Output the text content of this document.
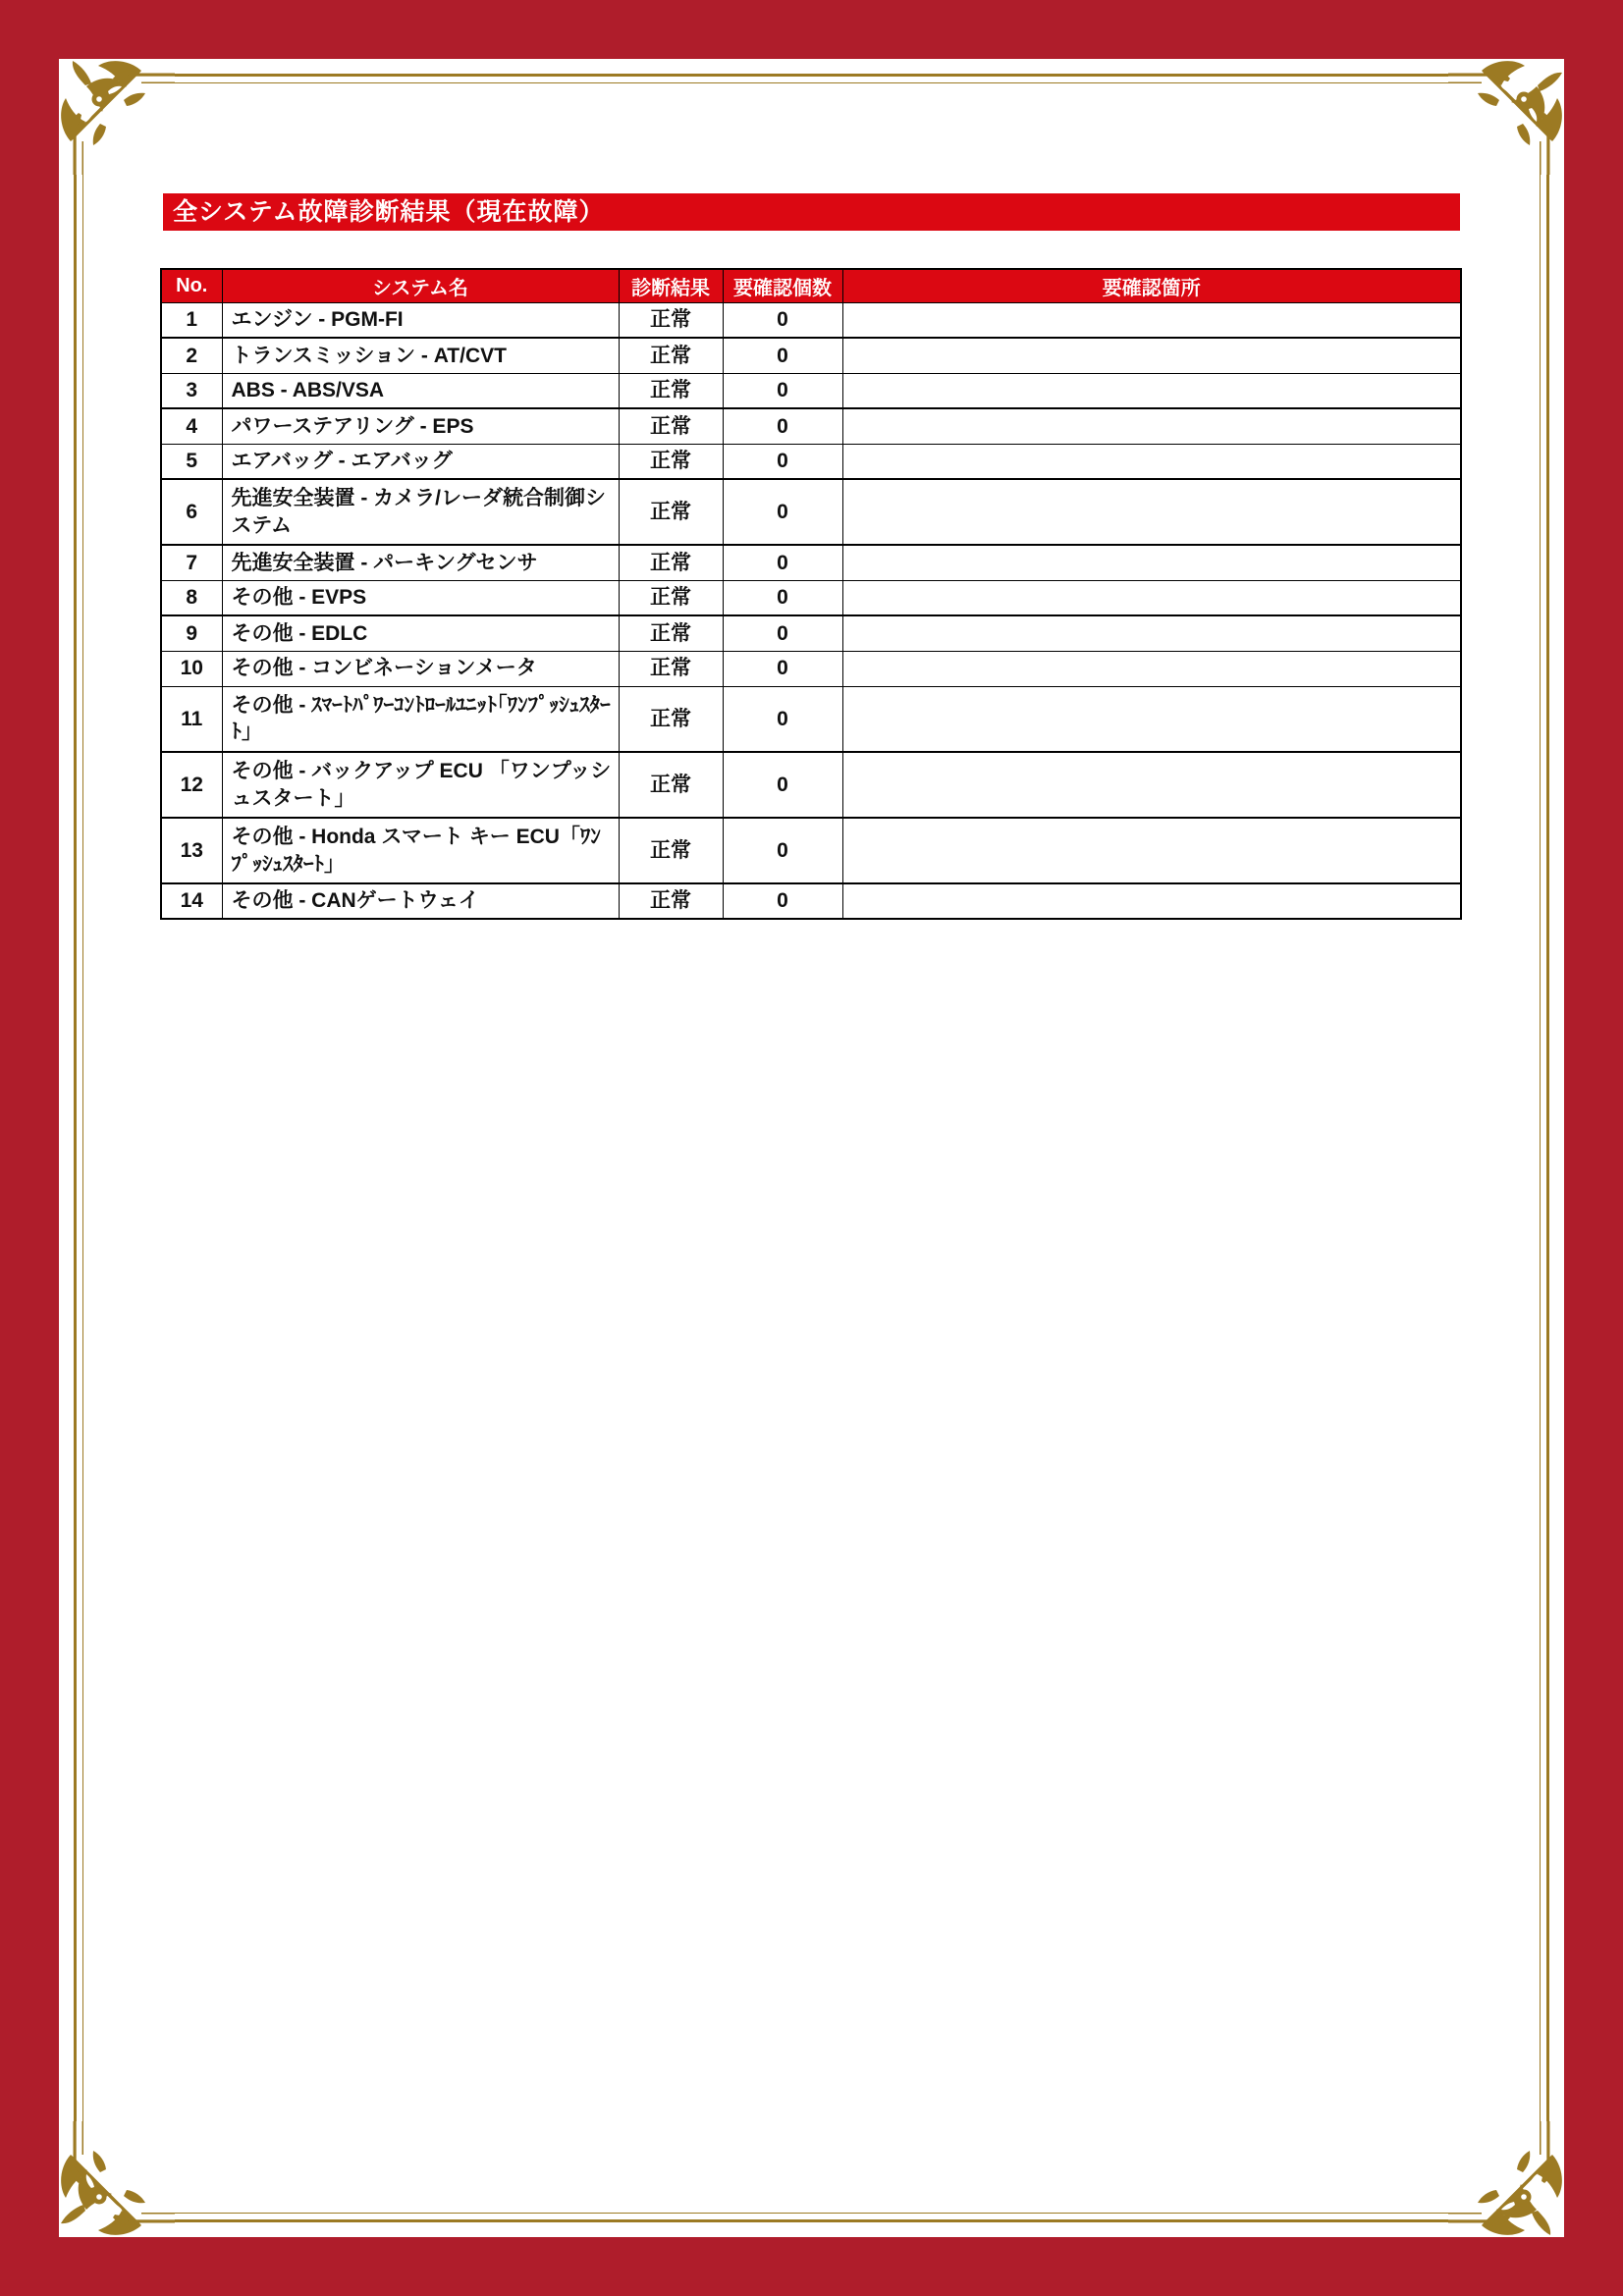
全システム故障診断結果（現在故障）
No.	システム名	診断結果	要確認個数	要確認箇所
1	エンジン - PGM-FI	正常	0	
2	トランスミッション - AT/CVT	正常	0	
3	ABS - ABS/VSA	正常	0	
4	パワーステアリング - EPS	正常	0	
5	エアバッグ - エアバッグ	正常	0	
6	先進安全装置 - カメラ/レーダ統合制御システム	正常	0	
7	先進安全装置 - パーキングセンサ	正常	0	
8	その他 - EVPS	正常	0	
9	その他 - EDLC	正常	0	
10	その他 - コンビネーションメータ	正常	0	
11	その他 - ｽﾏｰﾄﾊﾟﾜｰｺﾝﾄﾛｰﾙﾕﾆｯﾄ｢ﾜﾝﾌﾟｯｼｭｽﾀｰﾄ｣	正常	0	
12	その他 - バックアップ ECU 「ワンプッシュスタート」	正常	0	
13	その他 - Honda スマート キー ECU「ﾜﾝﾌﾟｯｼｭｽﾀｰﾄ｣	正常	0	
14	その他 - CANゲートウェイ	正常	0	
